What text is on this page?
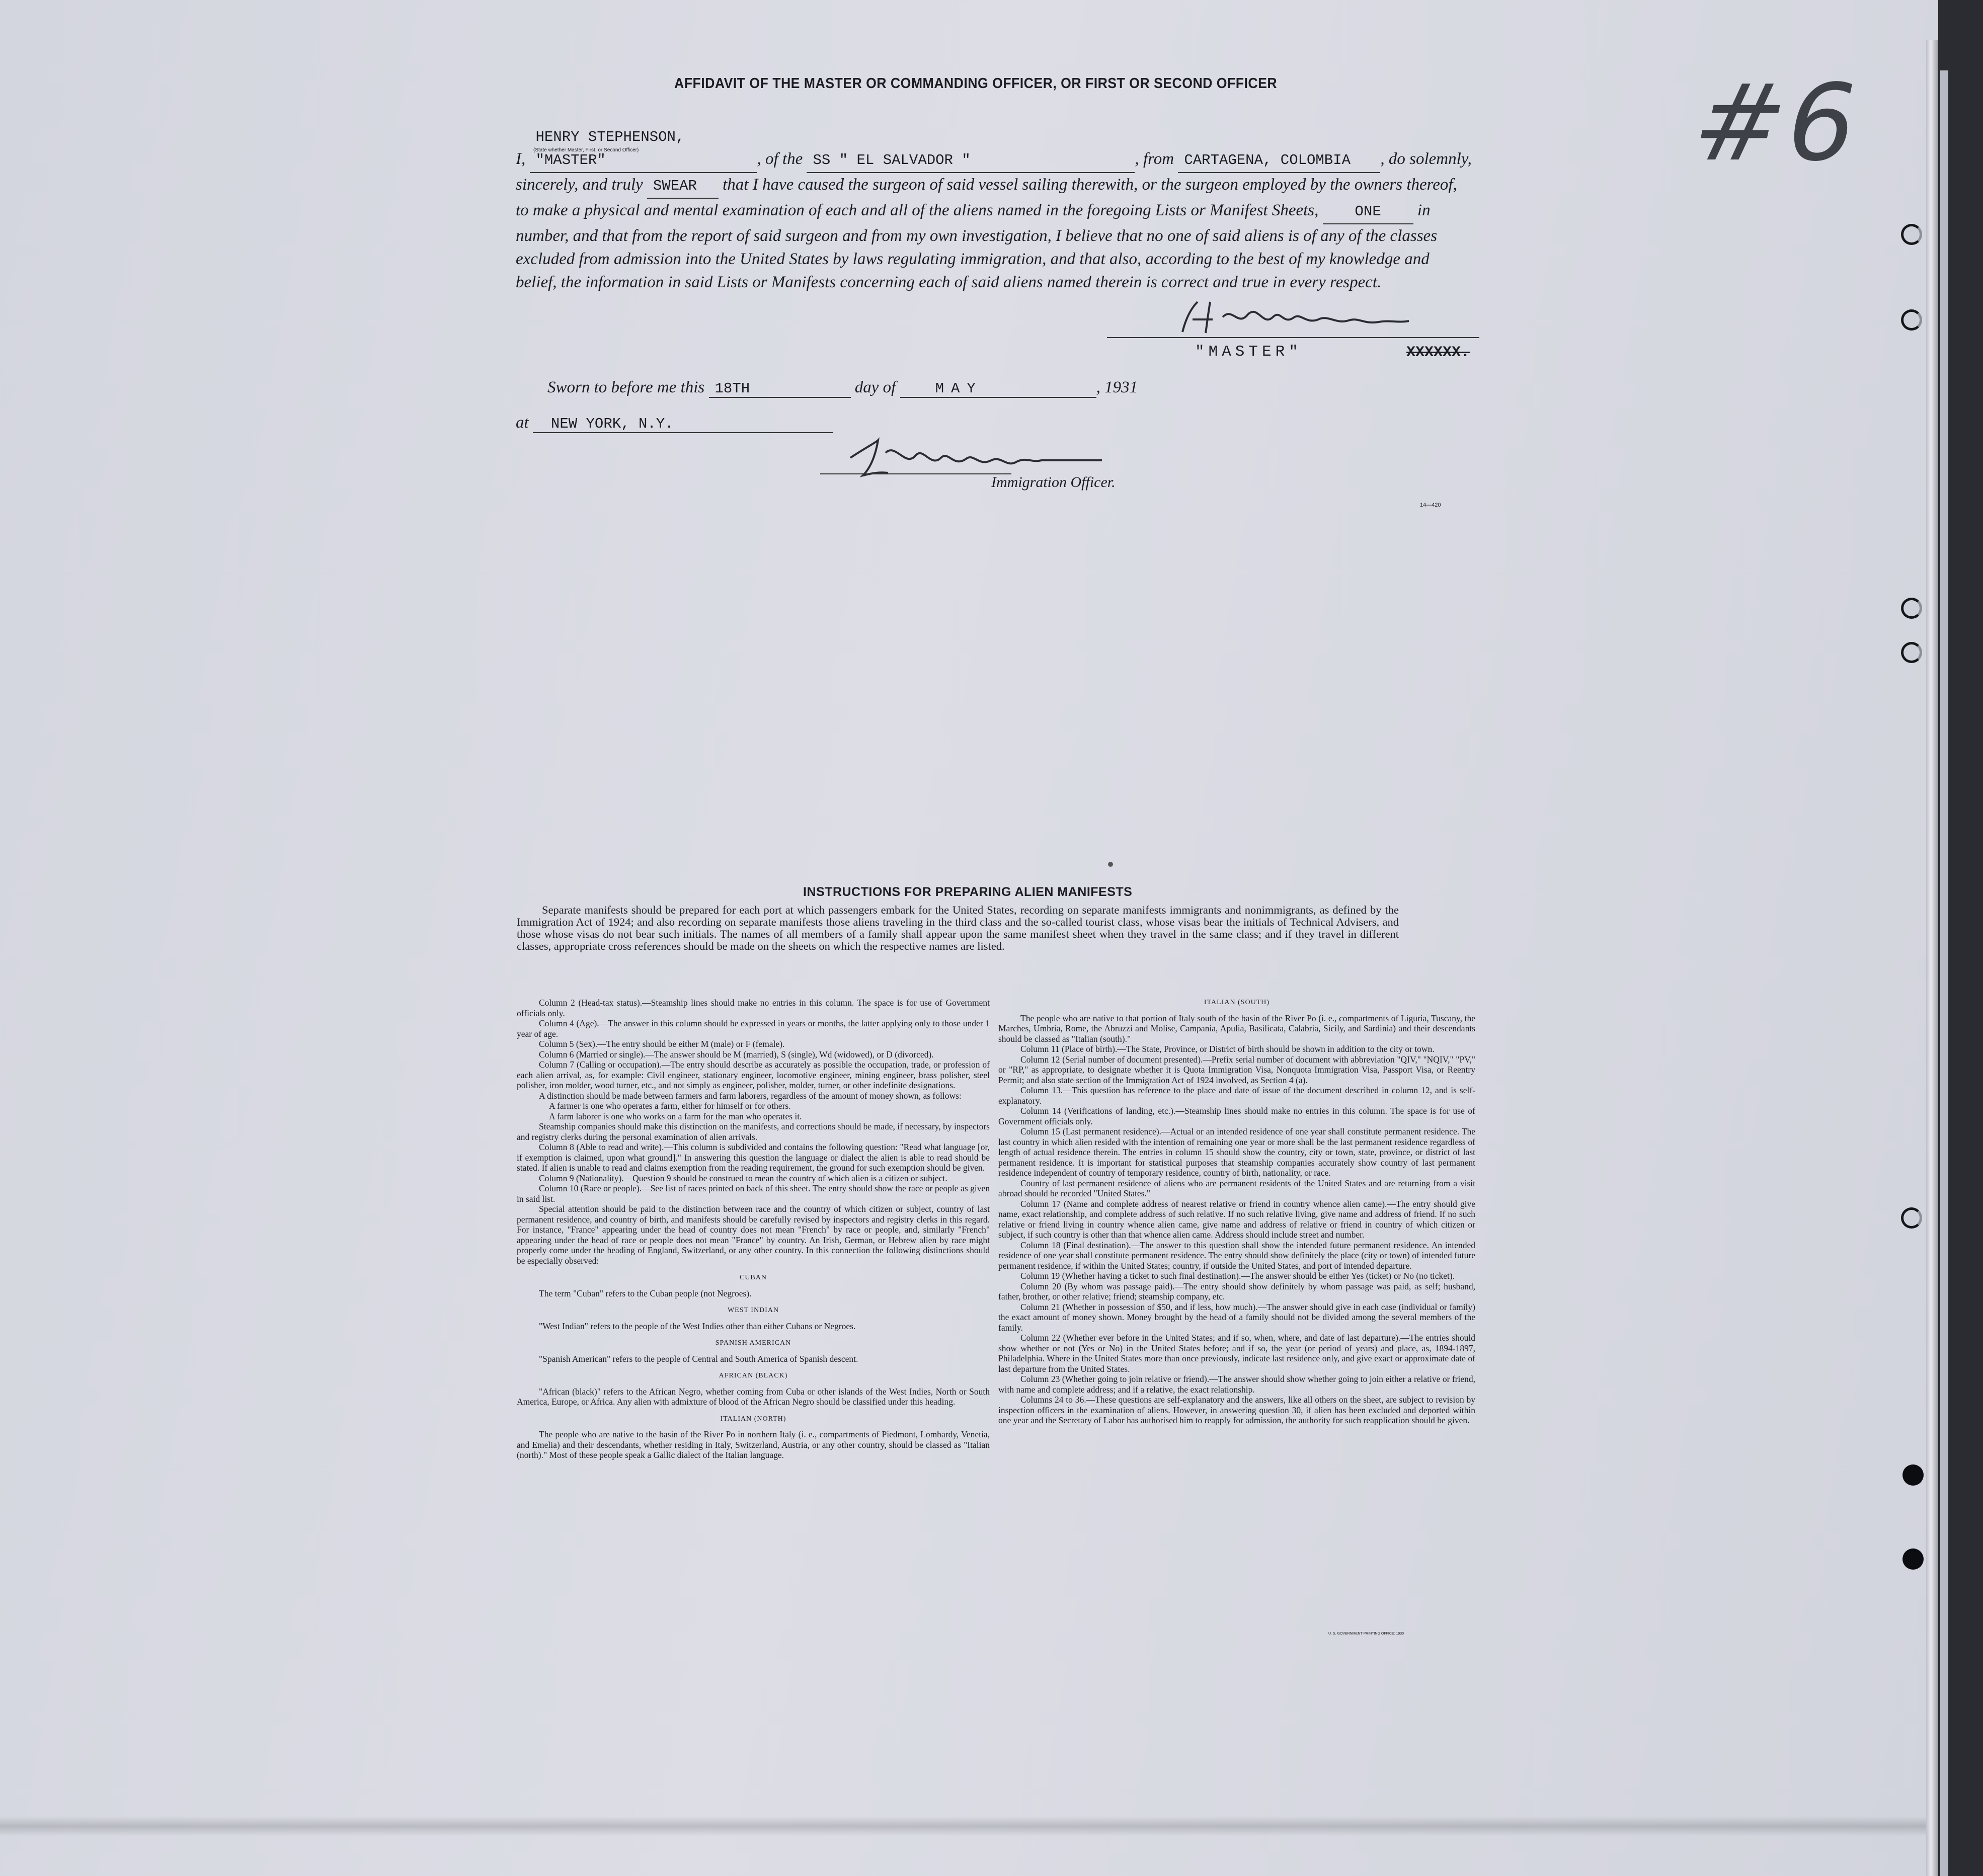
#6
AFFIDAVIT OF THE MASTER OR COMMANDING OFFICER, OR FIRST OR SECOND OFFICER
I, HENRY STEPHENSON, "MASTER"	, of the SS " EL SALVADOR "	, from CARTAGENA, COLOMBIA , do solemnly, sincerely, and truly SWEAR that I have caused the surgeon of said vessel sailing therewith, or the surgeon employed by the owners thereof, to make a physical and mental examination of each and all of the aliens named in the foregoing Lists or Manifest Sheets, ONE in number, and that from the report of said surgeon and from my own investigation, I believe that no one of said aliens is of any of the classes excluded from admission into the United States by laws regulating immigration, and that also, according to the best of my knowledge and belief, the information in said Lists or Manifests concerning each of said aliens named therein is correct and true in every respect.
(State whether Master, First, or Second Officer)
H Stephenson
"MASTER"	XXXXXX.
Sworn to before me this 18TH	day of	MAY	, 1931
at NEW YORK, N.Y.
I Horsking
Immigration Officer.
14—420
INSTRUCTIONS FOR PREPARING ALIEN MANIFESTS
Separate manifests should be prepared for each port at which passengers embark for the United States, recording on separate manifests immigrants and nonimmigrants, as defined by the Immigration Act of 1924; and also recording on separate manifests those aliens traveling in the third class and the so-called tourist class, whose visas bear the initials of Technical Advisers, and those whose visas do not bear such initials. The names of all members of a family shall appear upon the same manifest sheet when they travel in the same class; and if they travel in different classes, appropriate cross references should be made on the sheets on which the respective names are listed.

Column 2 (Head-tax status).—Steamship lines should make no entries in this column. The space is for use of Government officials only.

Column 4 (Age).—The answer in this column should be expressed in years or months, the latter applying only to those under 1 year of age.

Column 5 (Sex).—The entry should be either M (male) or F (female).

Column 6 (Married or single).—The answer should be M (married), S (single), Wd (widowed), or D (divorced).

Column 7 (Calling or occupation).—The entry should describe as accurately as possible the occupation, trade, or profession of each alien arrival, as, for example: Civil engineer, stationary engineer, locomotive engineer, mining engineer, brass polisher, steel polisher, iron molder, wood turner, etc., and not simply as engineer, polisher, molder, turner, or other indefinite designations.

A distinction should be made between farmers and farm laborers, regardless of the amount of money shown, as follows:

A farmer is one who operates a farm, either for himself or for others.

A farm laborer is one who works on a farm for the man who operates it.

Steamship companies should make this distinction on the manifests, and corrections should be made, if necessary, by inspectors and registry clerks during the personal examination of alien arrivals.

Column 8 (Able to read and write).—This column is subdivided and contains the following question: "Read what language [or, if exemption is claimed, upon what ground]." In answering this question the language or dialect the alien is able to read should be stated. If alien is unable to read and claims exemption from the reading requirement, the ground for such exemption should be given.

Column 9 (Nationality).—Question 9 should be construed to mean the country of which alien is a citizen or subject.

Column 10 (Race or people).—See list of races printed on back of this sheet. The entry should show the race or people as given in said list.

Special attention should be paid to the distinction between race and the country of which citizen or subject, country of last permanent residence, and country of birth, and manifests should be carefully revised by inspectors and registry clerks in this regard. For instance, "France" appearing under the head of country does not mean "French" by race or people, and, similarly "French" appearing under the head of race or people does not mean "France" by country. An Irish, German, or Hebrew alien by race might properly come under the heading of England, Switzerland, or any other country. In this connection the following distinctions should be especially observed:

CUBAN

The term "Cuban" refers to the Cuban people (not Negroes).

WEST INDIAN

"West Indian" refers to the people of the West Indies other than either Cubans or Negroes.

SPANISH AMERICAN

"Spanish American" refers to the people of Central and South America of Spanish descent.

AFRICAN (BLACK)

"African (black)" refers to the African Negro, whether coming from Cuba or other islands of the West Indies, North or South America, Europe, or Africa. Any alien with admixture of blood of the African Negro should be classified under this heading.

ITALIAN (NORTH)

The people who are native to the basin of the River Po in northern Italy (i. e., compartments of Piedmont, Lombardy, Venetia, and Emelia) and their descendants, whether residing in Italy, Switzerland, Austria, or any other country, should be classed as "Italian (north)." Most of these people speak a Gallic dialect of the Italian language.

ITALIAN (SOUTH)

The people who are native to that portion of Italy south of the basin of the River Po (i. e., compartments of Liguria, Tuscany, the Marches, Umbria, Rome, the Abruzzi and Molise, Campania, Apulia, Basilicata, Calabria, Sicily, and Sardinia) and their descendants should be classed as "Italian (south)."

Column 11 (Place of birth).—The State, Province, or District of birth should be shown in addition to the city or town.

Column 12 (Serial number of document presented).—Prefix serial number of document with abbreviation "QIV," "NQIV," "PV," or "RP," as appropriate, to designate whether it is Quota Immigration Visa, Nonquota Immigration Visa, Passport Visa, or Reentry Permit; and also state section of the Immigration Act of 1924 involved, as Section 4 (a).

Column 13.—This question has reference to the place and date of issue of the document described in column 12, and is self-explanatory.

Column 14 (Verifications of landing, etc.).—Steamship lines should make no entries in this column. The space is for use of Government officials only.

Column 15 (Last permanent residence).—Actual or an intended residence of one year shall constitute permanent residence. The last country in which alien resided with the intention of remaining one year or more shall be the last permanent residence regardless of length of actual residence therein. The entries in column 15 should show the country, city or town, state, province, or district of last permanent residence. It is important for statistical purposes that steamship companies accurately show country of last permanent residence independent of country of temporary residence, country of birth, nationality, or race.

Country of last permanent residence of aliens who are permanent residents of the United States and are returning from a visit abroad should be recorded "United States."

Column 17 (Name and complete address of nearest relative or friend in country whence alien came).—The entry should give name, exact relationship, and complete address of such relative. If no such relative living, give name and address of friend. If no such relative or friend living in country whence alien came, give name and address of relative or friend in country of which citizen or subject, if such country is other than that whence alien came. Address should include street and number.

Column 18 (Final destination).—The answer to this question shall show the intended future permanent residence. An intended residence of one year shall constitute permanent residence. The entry should show definitely the place (city or town) of intended future permanent residence, if within the United States; country, if outside the United States, and port of intended departure.

Column 19 (Whether having a ticket to such final destination).—The answer should be either Yes (ticket) or No (no ticket).

Column 20 (By whom was passage paid).—The entry should show definitely by whom passage was paid, as self; husband, father, brother, or other relative; friend; steamship company, etc.

Column 21 (Whether in possession of $50, and if less, how much).—The answer should give in each case (individual or family) the exact amount of money shown. Money brought by the head of a family should not be divided among the several members of the family.

Column 22 (Whether ever before in the United States; and if so, when, where, and date of last departure).—The entries should show whether or not (Yes or No) in the United States before; and if so, the year (or period of years) and place, as, 1894-1897, Philadelphia. Where in the United States more than once previously, indicate last residence only, and give exact or approximate date of last departure from the United States.

Column 23 (Whether going to join relative or friend).—The answer should show whether going to join either a relative or friend, with name and complete address; and if a relative, the exact relationship.

Columns 24 to 36.—These questions are self-explanatory and the answers, like all others on the sheet, are subject to revision by inspection officers in the examination of aliens. However, in answering question 30, if alien has been excluded and deported within one year and the Secretary of Labor has authorised him to reapply for admission, the authority for such reapplication should be given.

U. S. GOVERNMENT PRINTING OFFICE: 1930
